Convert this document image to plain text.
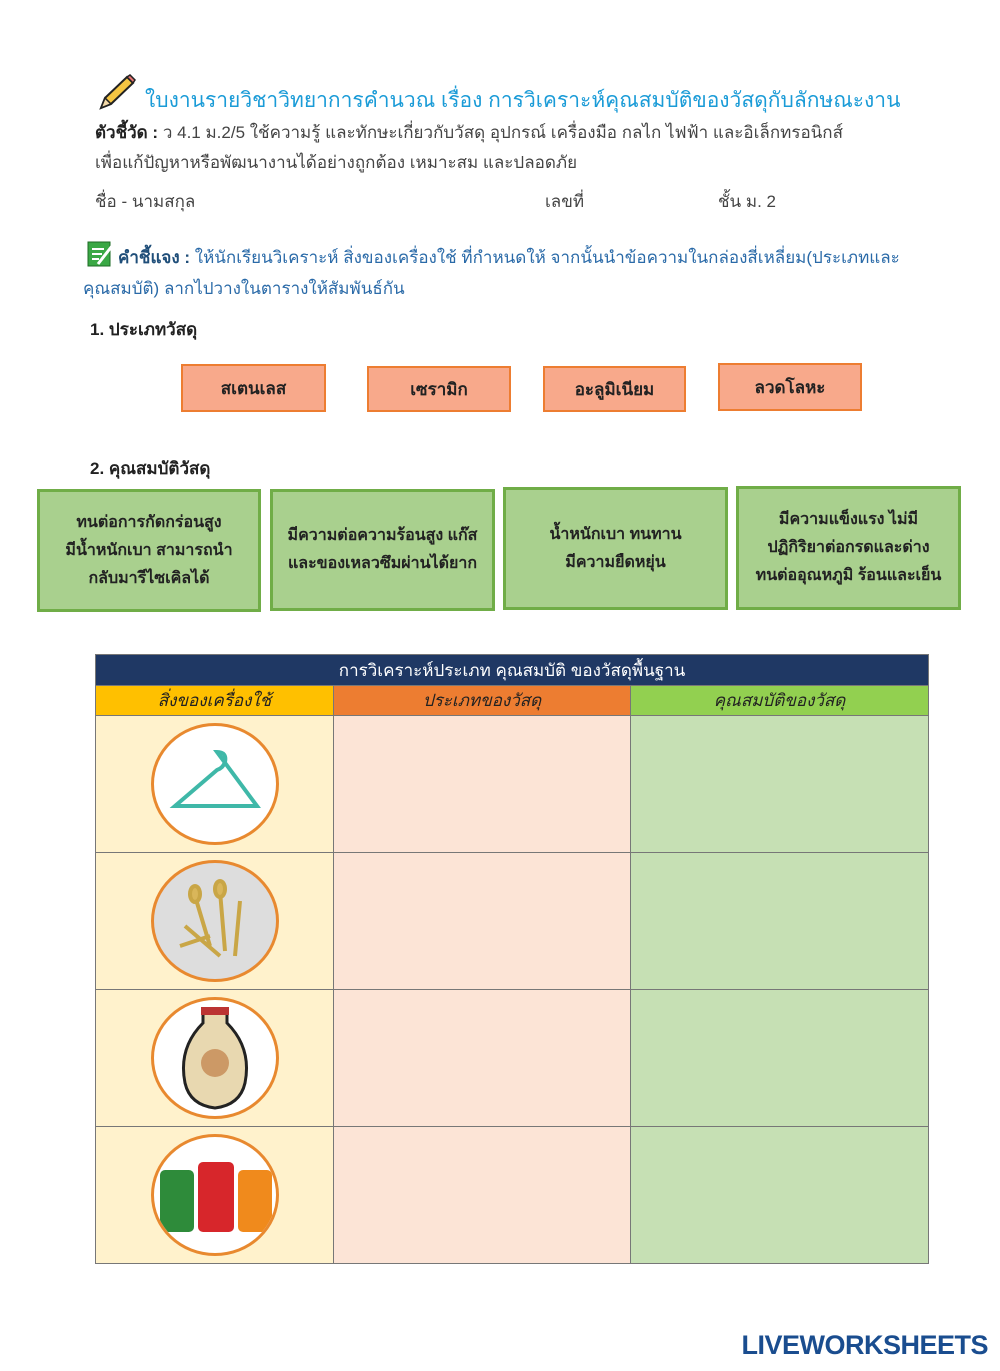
ใบงานรายวิชาวิทยาการคำนวณ เรื่อง การวิเคราะห์คุณสมบัติของวัสดุกับลักษณะงาน
ตัวชี้วัด : ว 4.1 ม.2/5 ใช้ความรู้ และทักษะเกี่ยวกับวัสดุ อุปกรณ์ เครื่องมือ กลไก ไฟฟ้า และอิเล็กทรอนิกส์
เพื่อแก้ปัญหาหรือพัฒนางานได้อย่างถูกต้อง เหมาะสม และปลอดภัย
ชื่อ - นามสกุล	เลขที่	ชั้น ม. 2
คำชี้แจง : ให้นักเรียนวิเคราะห์ สิ่งของเครื่องใช้ ที่กำหนดให้ จากนั้นนำข้อความในกล่องสี่เหลี่ยม(ประเภทและ
คุณสมบัติ) ลากไปวางในตารางให้สัมพันธ์กัน
1. ประเภทวัสดุ
สเตนเลส	เซรามิก	อะลูมิเนียม	ลวดโลหะ
2. คุณสมบัติวัสดุ
ทนต่อการกัดกร่อนสูง
มีน้ำหนักเบา สามารถนำ
กลับมารีไซเคิลได้
มีความต่อความร้อนสูง แก๊ส
และของเหลวซึมผ่านได้ยาก
น้ำหนักเบา ทนทาน
มีความยืดหยุ่น
มีความแข็งแรง ไม่มี
ปฏิกิริยาต่อกรดและด่าง
ทนต่ออุณหภูมิ ร้อนและเย็น
การวิเคราะห์ประเภท คุณสมบัติ ของวัสดุพื้นฐาน		
สิ่งของเครื่องใช้	ประเภทของวัสดุ	คุณสมบัติของวัสดุ

LIVEWORKSHEETS
